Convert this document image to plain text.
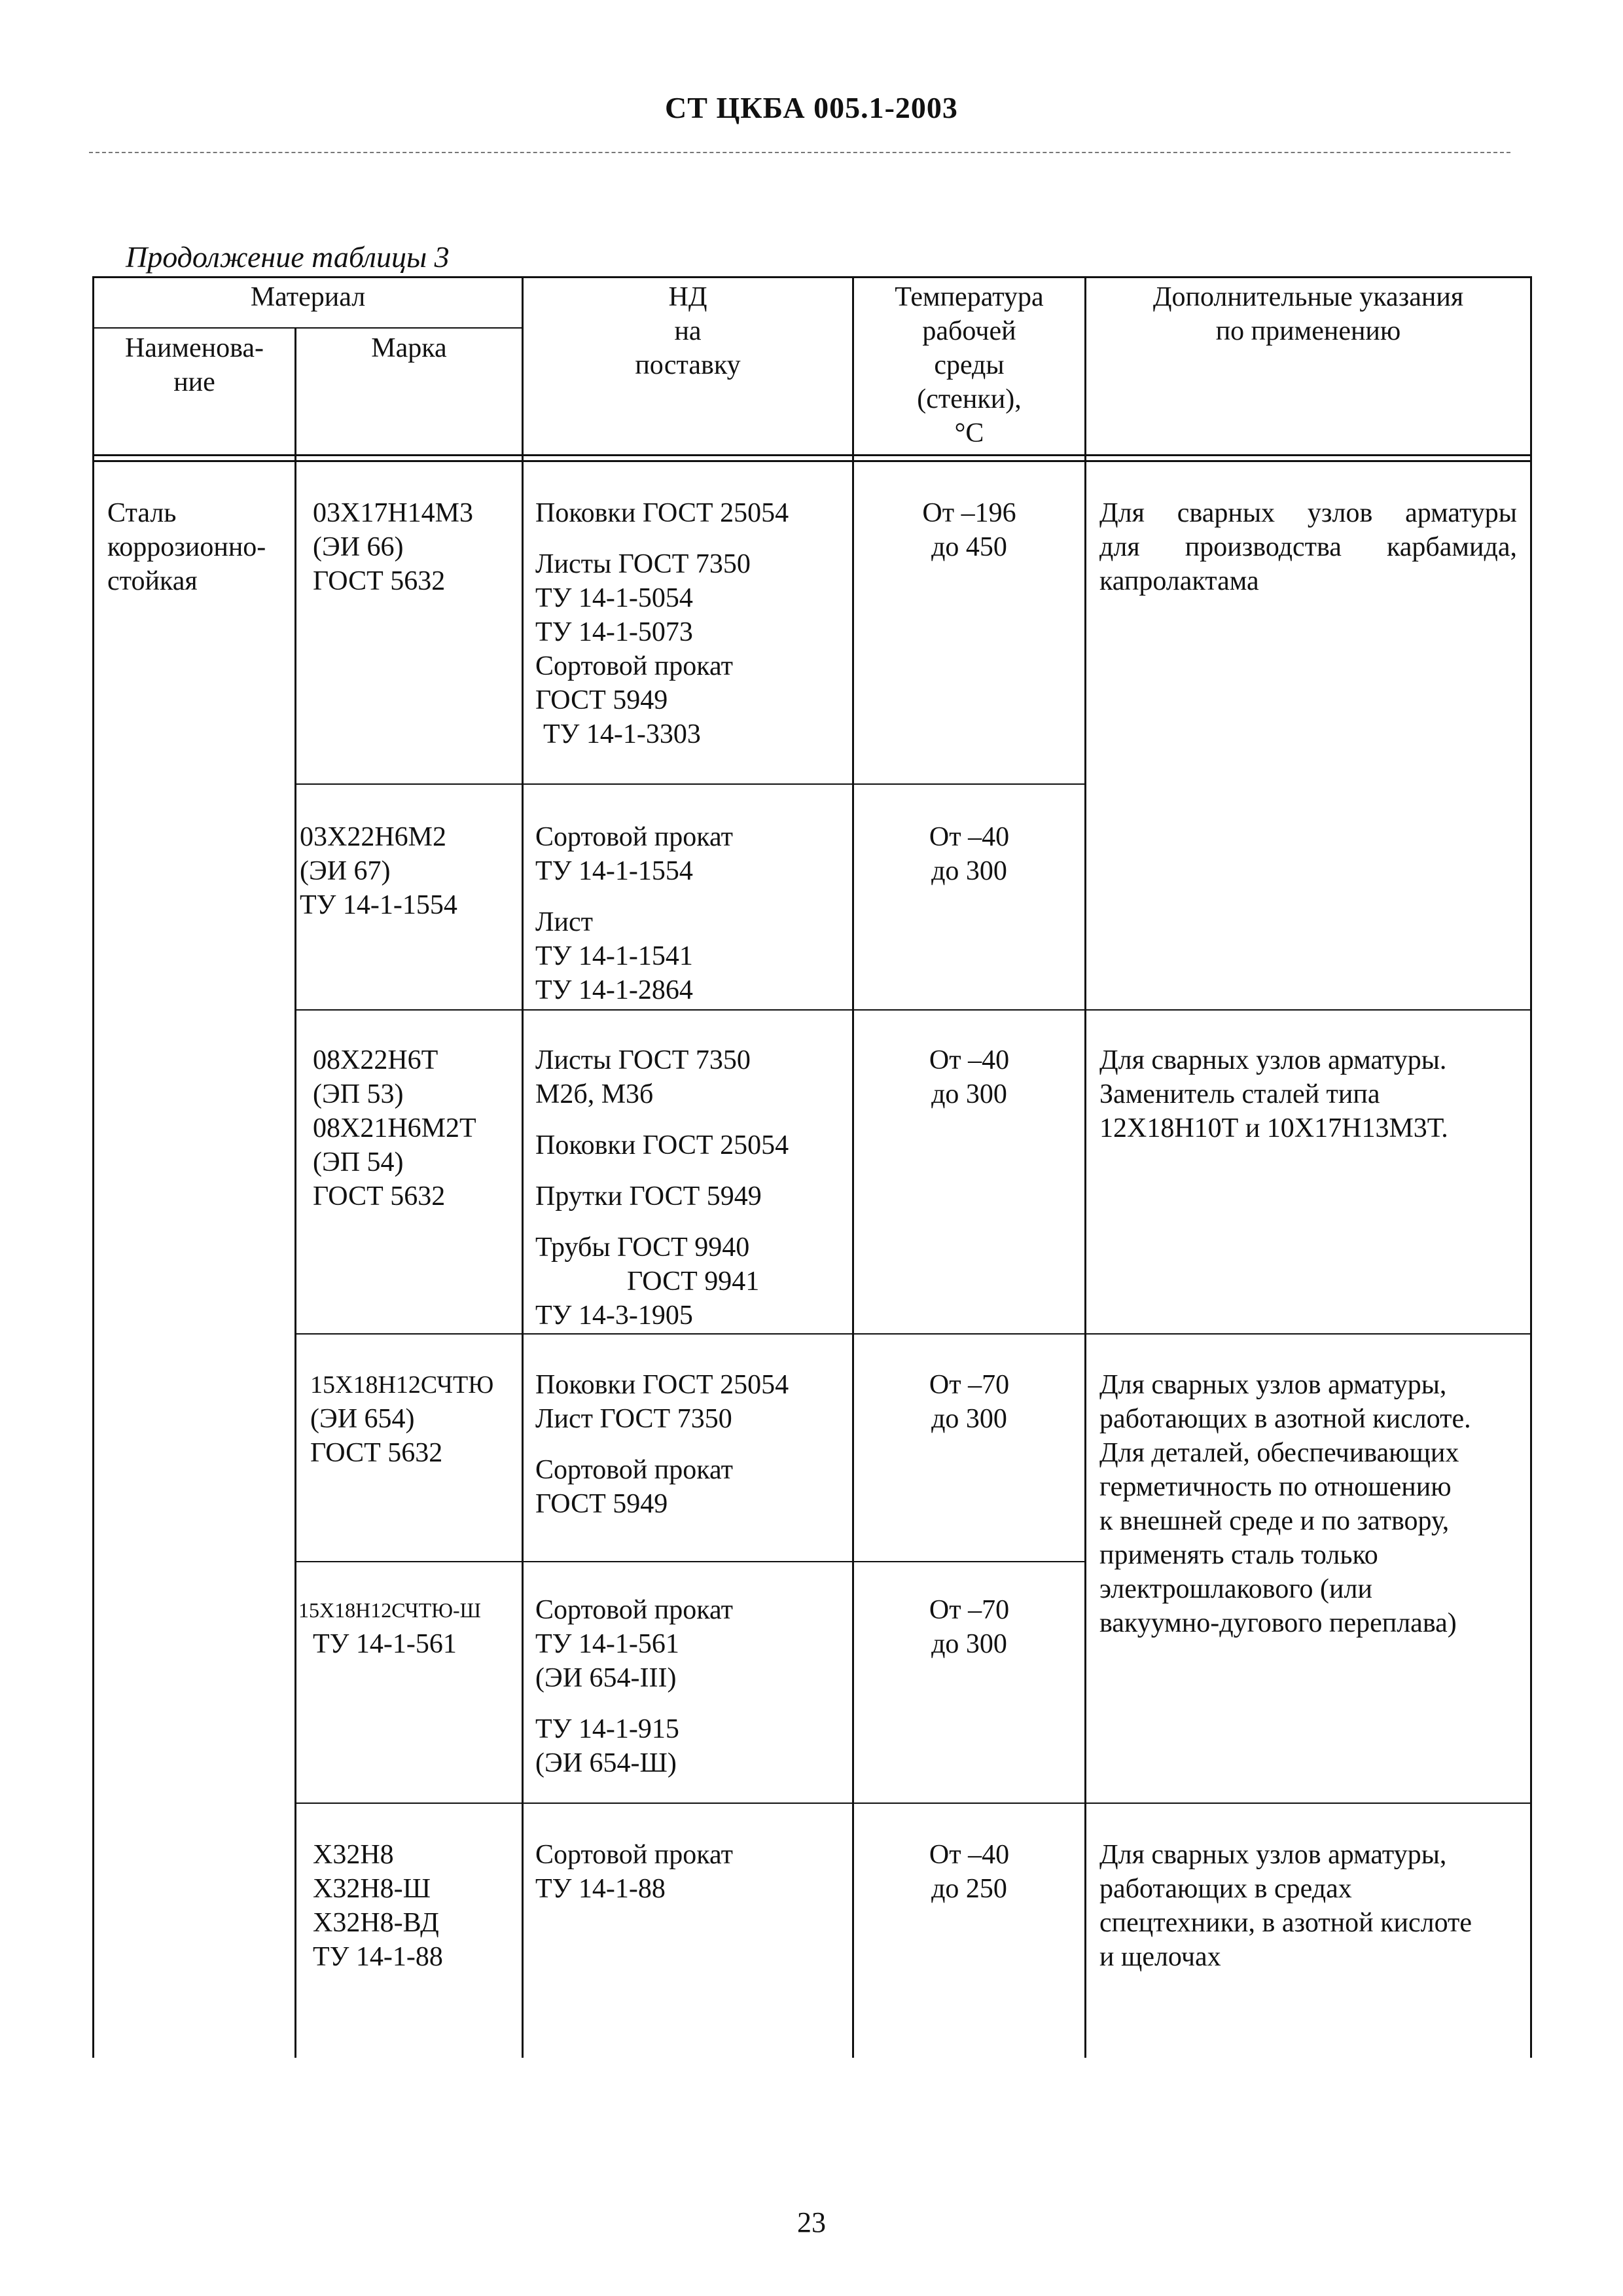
СТ ЦКБА 005.1-2003
Продолжение таблицы 3
Материал
Наименова-
ние
Марка
НД
на
поставку
Температура
рабочей
среды
(стенки),
°С
Дополнительные указания
по применению
Сталь
коррозионно-
стойкая
03Х17Н14М3
(ЭИ 66)
ГОСТ 5632
Поковки ГОСТ 25054
Листы ГОСТ 7350
ТУ 14-1-5054
ТУ 14-1-5073
Сортовой прокат
ГОСТ 5949
ТУ 14-1-3303
От –196
до 450
03Х22Н6М2
(ЭИ 67)
ТУ 14-1-1554
Сортовой прокат
ТУ 14-1-1554
Лист
ТУ 14-1-1541
ТУ 14-1-2864
От –40
до 300
Для сварных узлов арматуры
для производства карбамида,
капролактама
08Х22Н6Т
(ЭП 53)
08Х21Н6М2Т
(ЭП 54)
ГОСТ 5632
Листы ГОСТ 7350
М2б, М3б
Поковки ГОСТ 25054
Прутки ГОСТ 5949
Трубы ГОСТ 9940
ГОСТ 9941
ТУ 14-3-1905
От –40
до 300
Для сварных узлов арматуры.
Заменитель сталей типа
12Х18Н10Т и 10Х17Н13М3Т.
15Х18Н12СЧТЮ
(ЭИ 654)
ГОСТ 5632
Поковки ГОСТ 25054
Лист ГОСТ 7350
Сортовой прокат
ГОСТ 5949
От –70
до 300
15Х18Н12СЧТЮ-Ш
ТУ 14-1-561
Сортовой прокат
ТУ 14-1-561
(ЭИ 654-III)
ТУ 14-1-915
(ЭИ 654-Ш)
От –70
до 300
Для сварных узлов арматуры,
работающих в азотной кислоте.
Для деталей, обеспечивающих
герметичность по отношению
к внешней среде и по затвору,
применять сталь только
электрошлакового (или
вакуумно-дугового переплава)
Х32Н8
Х32Н8-Ш
Х32Н8-ВД
ТУ 14-1-88
Сортовой прокат
ТУ 14-1-88
От –40
до 250
Для сварных узлов арматуры,
работающих в средах
спецтехники, в азотной кислоте
и щелочах
23
